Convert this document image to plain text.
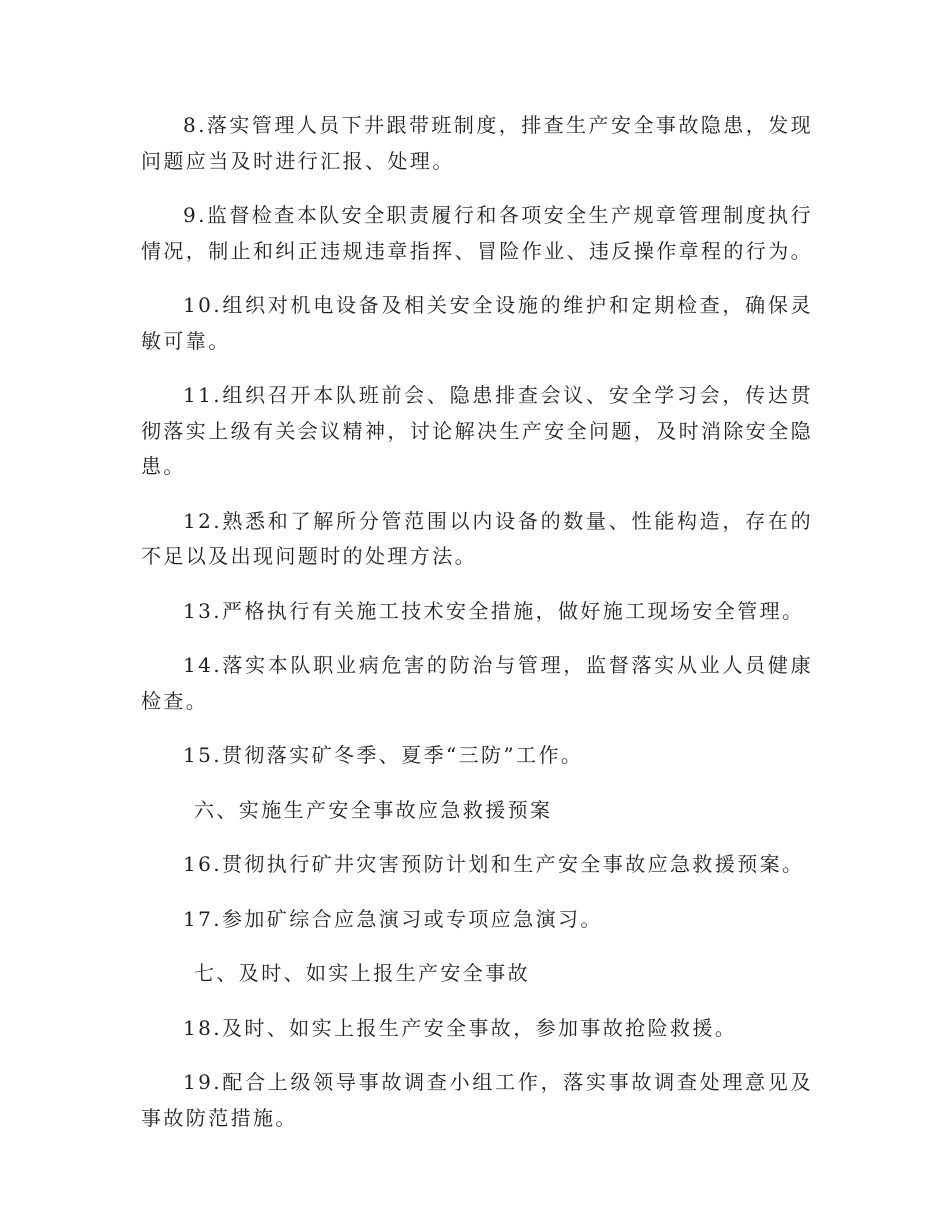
8.落实管理人员下井跟带班制度，排查生产安全事故隐患，发现问题应当及时进行汇报、处理。

9.监督检查本队安全职责履行和各项安全生产规章管理制度执行情况，制止和纠正违规违章指挥、冒险作业、违反操作章程的行为。

10.组织对机电设备及相关安全设施的维护和定期检查，确保灵敏可靠。

11.组织召开本队班前会、隐患排查会议、安全学习会，传达贯彻落实上级有关会议精神，讨论解决生产安全问题，及时消除安全隐患。

12.熟悉和了解所分管范围以内设备的数量、性能构造，存在的不足以及出现问题时的处理方法。

13.严格执行有关施工技术安全措施，做好施工现场安全管理。

14.落实本队职业病危害的防治与管理，监督落实从业人员健康检查。

15.贯彻落实矿冬季、夏季“三防”工作。

六、实施生产安全事故应急救援预案

16.贯彻执行矿井灾害预防计划和生产安全事故应急救援预案。

17.参加矿综合应急演习或专项应急演习。

七、及时、如实上报生产安全事故

18.及时、如实上报生产安全事故，参加事故抢险救援。

19.配合上级领导事故调查小组工作，落实事故调查处理意见及事故防范措施。
